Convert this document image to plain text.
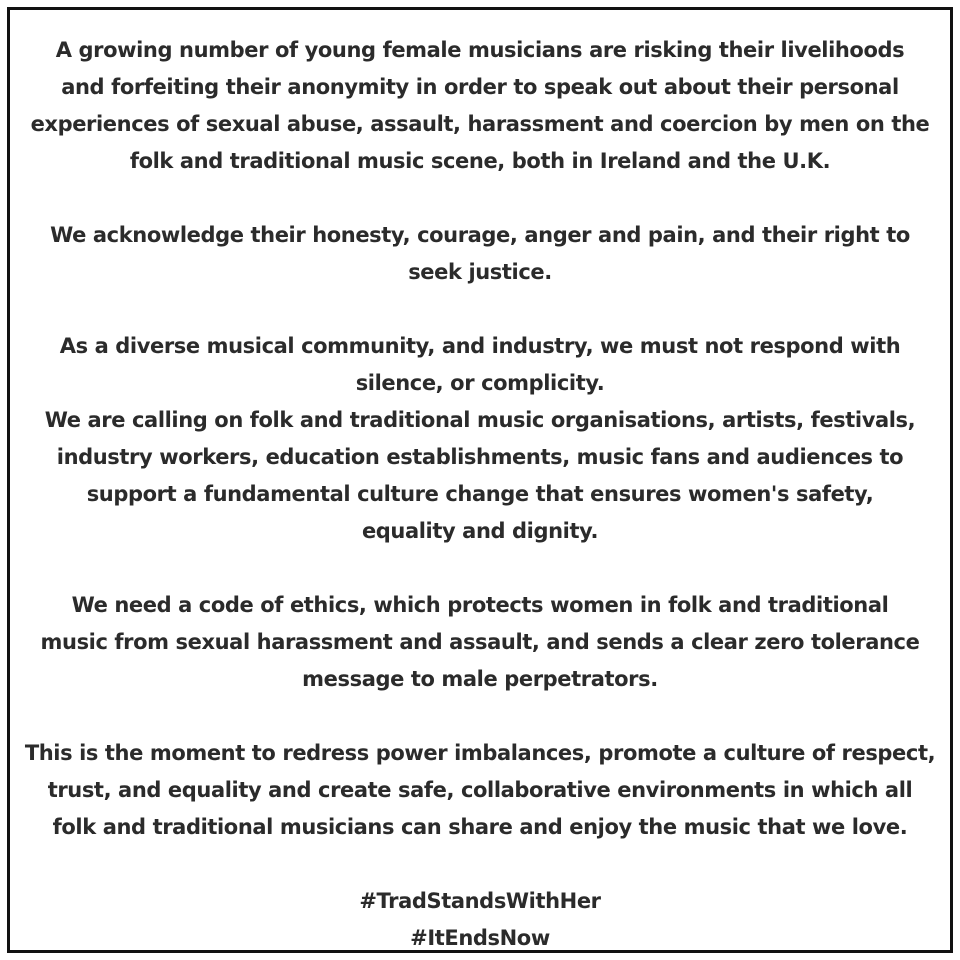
A growing number of young female musicians are risking their livelihoods
and forfeiting their anonymity in order to speak out about their personal
experiences of sexual abuse, assault, harassment and coercion by men on the
folk and traditional music scene, both in Ireland and the U.K.
We acknowledge their honesty, courage, anger and pain, and their right to
seek justice.
As a diverse musical community, and industry, we must not respond with
silence, or complicity.
We are calling on folk and traditional music organisations, artists, festivals,
industry workers, education establishments, music fans and audiences to
support a fundamental culture change that ensures women's safety,
equality and dignity.
We need a code of ethics, which protects women in folk and traditional
music from sexual harassment and assault, and sends a clear zero tolerance
message to male perpetrators.
This is the moment to redress power imbalances, promote a culture of respect,
trust, and equality and create safe, collaborative environments in which all
folk and traditional musicians can share and enjoy the music that we love.
#TradStandsWithHer
#ItEndsNow
